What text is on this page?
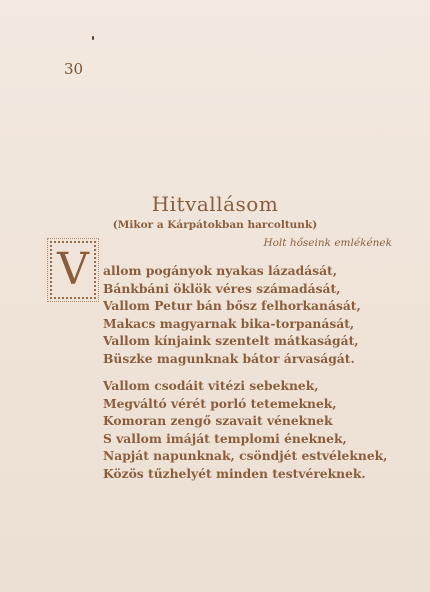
30
Hitvallásom
(Mikor a Kárpátokban harcoltunk)
Holt hőseink emlékének
V	allom pogányok nyakas lázadását,
Bánkbáni öklök véres számadását,
Vallom Petur bán bősz felhorkanását,
Makacs magyarnak bika-torpanását,
Vallom kínjaink szentelt mátkaságát,
Büszke magunknak bátor árvaságát.
Vallom csodáit vitézi sebeknek,
Megváltó vérét porló tetemeknek,
Komoran zengő szavait véneknek
S vallom imáját templomi éneknek,
Napját napunknak, csöndjét estvéleknek,
Közös tűzhelyét minden testvéreknek.
